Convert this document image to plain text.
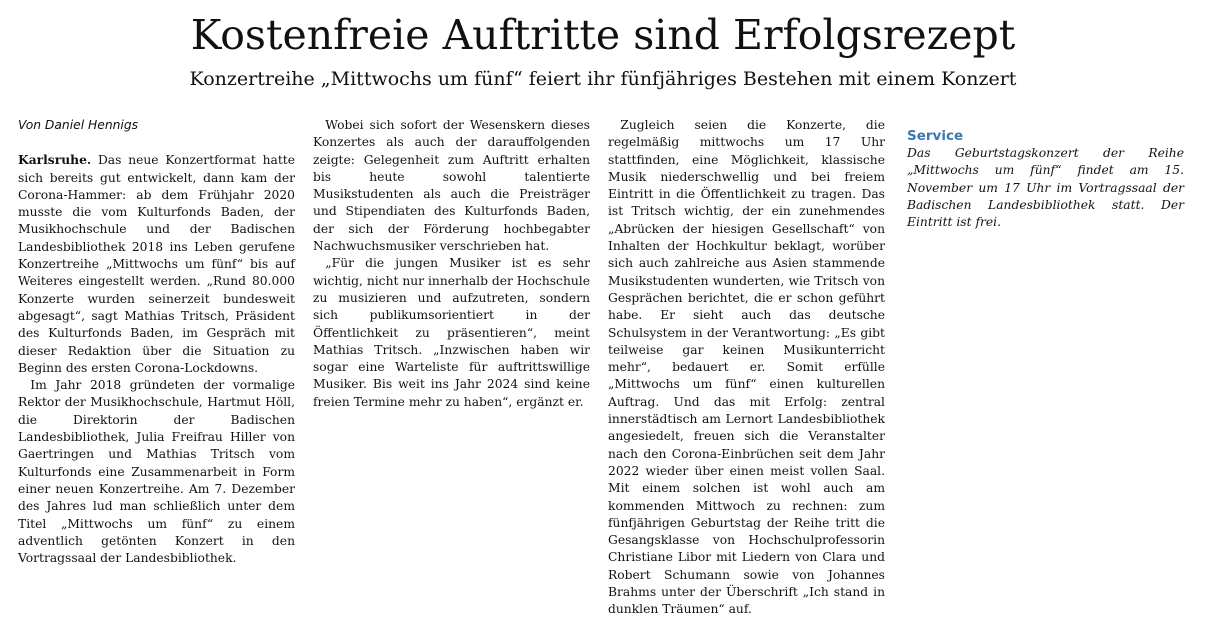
Kostenfreie Auftritte sind Erfolgsrezept
Konzertreihe „Mittwochs um fünf“ feiert ihr fünfjähriges Bestehen mit einem Konzert

Von Daniel Hennigs

Karlsruhe. Das neue Konzertformat hatte sich bereits gut entwickelt, dann kam der Corona-Hammer: ab dem Frühjahr 2020 musste die vom Kulturfonds Baden, der Musikhochschule und der Badischen Landesbibliothek 2018 ins Leben gerufene Konzertreihe „Mittwochs um fünf“ bis auf Weiteres eingestellt werden. „Rund 80.000 Konzerte wurden seinerzeit bundesweit abgesagt“, sagt Mathias Tritsch, Präsident des Kulturfonds Baden, im Gespräch mit dieser Redaktion über die Situation zu Beginn des ersten Corona-Lockdowns.

Im Jahr 2018 gründeten der vormalige Rektor der Musikhochschule, Hartmut Höll, die Direktorin der Badischen Landesbibliothek, Julia Freifrau Hiller von Gaertringen und Mathias Tritsch vom Kulturfonds eine Zusammenarbeit in Form einer neuen Konzertreihe. Am 7. Dezember des Jahres lud man schließlich unter dem Titel „Mittwochs um fünf“ zu einem adventlich getönten Konzert in den Vortragssaal der Landesbibliothek.

Wobei sich sofort der Wesenskern dieses Konzertes als auch der darauffolgenden zeigte: Gelegenheit zum Auftritt erhalten bis heute sowohl talentierte Musikstudenten als auch die Preisträger und Stipendiaten des Kulturfonds Baden, der sich der Förderung hochbegabter Nachwuchsmusiker verschrieben hat.

„Für die jungen Musiker ist es sehr wichtig, nicht nur innerhalb der Hochschule zu musizieren und aufzutreten, sondern sich publikumsorientiert in der Öffentlichkeit zu präsentieren“, meint Mathias Tritsch. „Inzwischen haben wir sogar eine Warteliste für auftrittswillige Musiker. Bis weit ins Jahr 2024 sind keine freien Termine mehr zu haben“, ergänzt er.

Zugleich seien die Konzerte, die regelmäßig mittwochs um 17 Uhr stattfinden, eine Möglichkeit, klassische Musik niederschwellig und bei freiem Eintritt in die Öffentlichkeit zu tragen. Das ist Tritsch wichtig, der ein zunehmendes „Abrücken der hiesigen Gesellschaft“ von Inhalten der Hochkultur beklagt, worüber sich auch zahlreiche aus Asien stammende Musikstudenten wunderten, wie Tritsch von Gesprächen berichtet, die er schon geführt habe. Er sieht auch das deutsche Schulsystem in der Verantwortung: „Es gibt teilweise gar keinen Musikunterricht mehr“, bedauert er. Somit erfülle „Mittwochs um fünf“ einen kulturellen Auftrag. Und das mit Erfolg: zentral innerstädtisch am Lernort Landesbibliothek angesiedelt, freuen sich die Veranstalter nach den Corona-Einbrüchen seit dem Jahr 2022 wieder über einen meist vollen Saal. Mit einem solchen ist wohl auch am kommenden Mittwoch zu rechnen: zum fünfjährigen Geburtstag der Reihe tritt die Gesangsklasse von Hochschulprofessorin Christiane Libor mit Liedern von Clara und Robert Schumann sowie von Johannes Brahms unter der Überschrift „Ich stand in dunklen Träumen“ auf.

Service

Das Geburtstagskonzert der Reihe „Mittwochs um fünf“ findet am 15. November um 17 Uhr im Vortragssaal der Badischen Landesbibliothek statt. Der Eintritt ist frei.
